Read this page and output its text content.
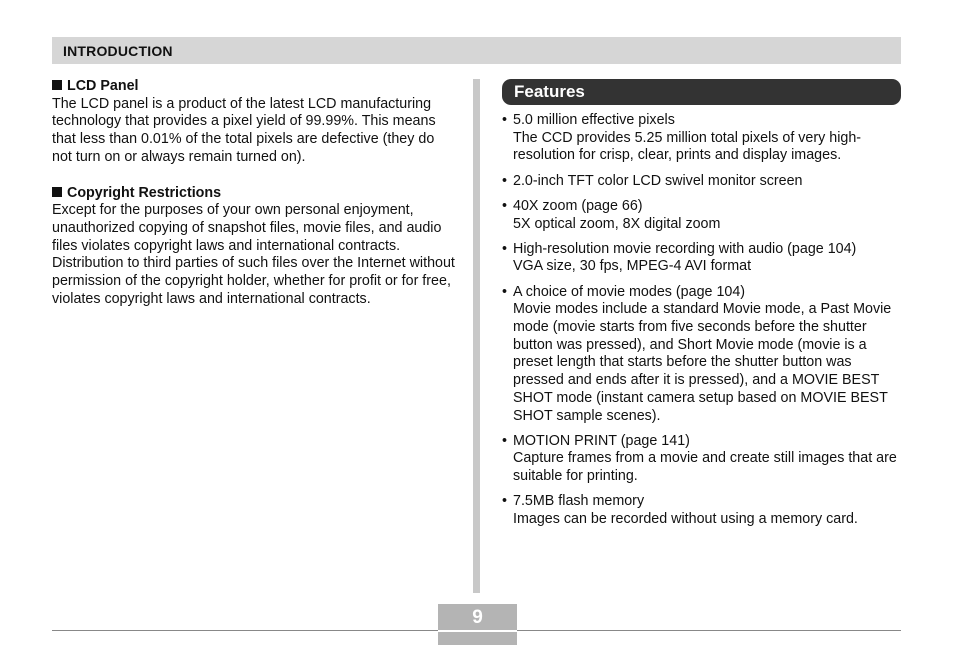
INTRODUCTION

LCD Panel

The LCD panel is a product of the latest LCD manufacturing technology that provides a pixel yield of 99.99%. This means that less than 0.01% of the total pixels are defective (they do not turn on or always remain turned on).

Copyright Restrictions

Except for the purposes of your own personal enjoyment, unauthorized copying of snapshot files, movie files, and audio files violates copyright laws and international contracts.

Distribution to third parties of such files over the Internet without permission of the copyright holder, whether for profit or for free, violates copyright laws and international contracts.

Features
• 5.0 million effective pixels

The CCD provides 5.25 million total pixels of very high-resolution for crisp, clear, prints and display images.

• 2.0-inch TFT color LCD swivel monitor screen

• 40X zoom (page 66)

5X optical zoom, 8X digital zoom

• High-resolution movie recording with audio (page 104)

VGA size, 30 fps, MPEG-4 AVI format

• A choice of movie modes (page 104)

Movie modes include a standard Movie mode, a Past Movie mode (movie starts from five seconds before the shutter button was pressed), and Short Movie mode (movie is a preset length that starts before the shutter button was pressed and ends after it is pressed), and a MOVIE BEST SHOT mode (instant camera setup based on MOVIE BEST SHOT sample scenes).

• MOTION PRINT (page 141)

Capture frames from a movie and create still images that are suitable for printing.

• 7.5MB flash memory

Images can be recorded without using a memory card.

9
